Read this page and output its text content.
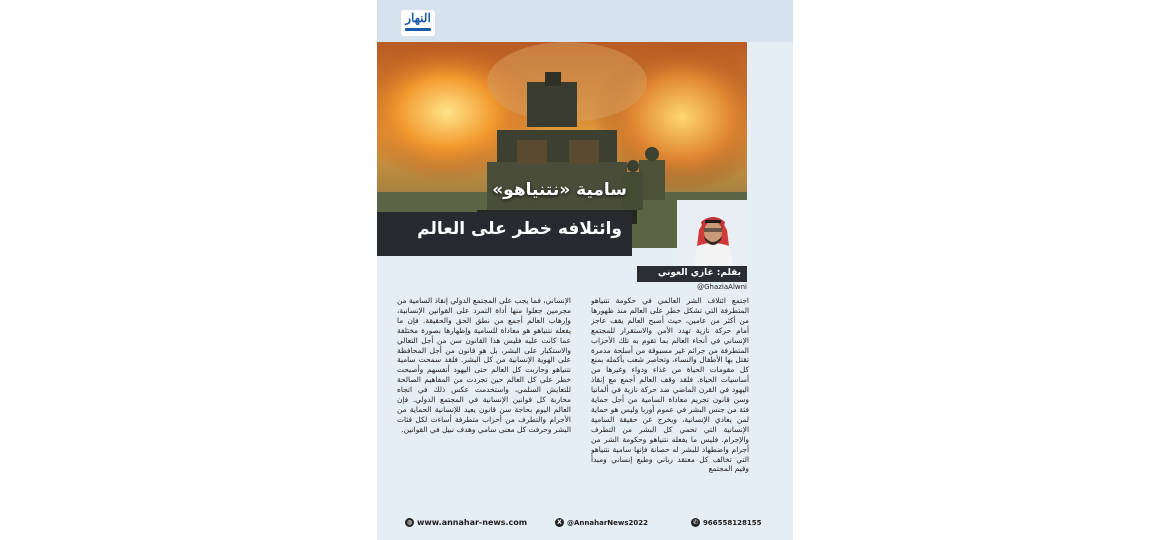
النهار
سامية «نتنياهو»
وائتلافه خطر على العالم
بقلم: غازي العوني
@GhaziaAlwni
اجتمع ائتلاف الشر العالمي في حكومة نتنياهو المتطرفة التي تشكل خطر على العالم منذ ظهورها من أكثر من عامين، حيث أصبح العالم يقف عاجز أمام حركة نازية تهدد الأمن والاستقرار للمجتمع الإنساني في أنحاء العالم بما تقوم به تلك الأحزاب المتطرفة من جرائم غير مسبوقة من أسلحة مدمرة تقتل بها الأطفال والنساء، وتحاصر شعب بأكمله بمنع كل مقومات الحياة من غذاء ودواء وغيرها من أساسيات الحياة. فلقد وقف العالم أجمع مع إنقاذ اليهود في القرن الماضي ضد حركة نازية في ألمانيا وسن قانون تجريم معاداة السامية من أجل حماية فئة من جنس البشر في عموم أوربا وليس هو حماية لمن يعادي الإنسانية، ويخرج عن حقيقة السامية الإنسانية التي تحمي كل البشر من التطرف والإجرام. فليس ما يفعله نتنياهو وحكومة الشر من أجرام واضطهاد للبشر له حصانة فإنها سامية نتنياهو التي تخالف كل معتقد رباني وطبع إنساني ومبدأ وقيم المجتمع
الإنساني، فما يجب على المجتمع الدولي إنقاذ السامية من مجرمين جعلوا منها أداة التمرد على القوانين الإنسانية، وإرهاب العالم أجمع من نطق الحق والحقيقة. فإن ما يفعله نتنياهو هو معاداة للسامية وإظهارها بصورة مختلفة عما كانت عليه فليس هذا القانون سن من أجل التعالي والاستكبار على البشر، بل هو قانون من أجل المحافظة على الهوية الإنسانية من كل البشر. فلقد سمحت سامية نتنياهو وحاربت كل العالم حتى اليهود أنفسهم وأصبحت خطر على كل العالم حين تجردت من المفاهيم الصالحة للتعايش السلمي، واستخدمت عكس ذلك في اتجاه محاربة كل قوانين الإنسانية في المجتمع الدولي. فإن العالم اليوم بحاجة سن قانون يعيد للإنسانية الحماية من الأجرام والتطرف من أحزاب متطرفة أساءت لكل فئات البشر وحرفت كل معنى سامي وهدف نبيل في القوانين.
◍ www.annahar-news.com	X @AnnaharNews2022	✆ 966558128155
